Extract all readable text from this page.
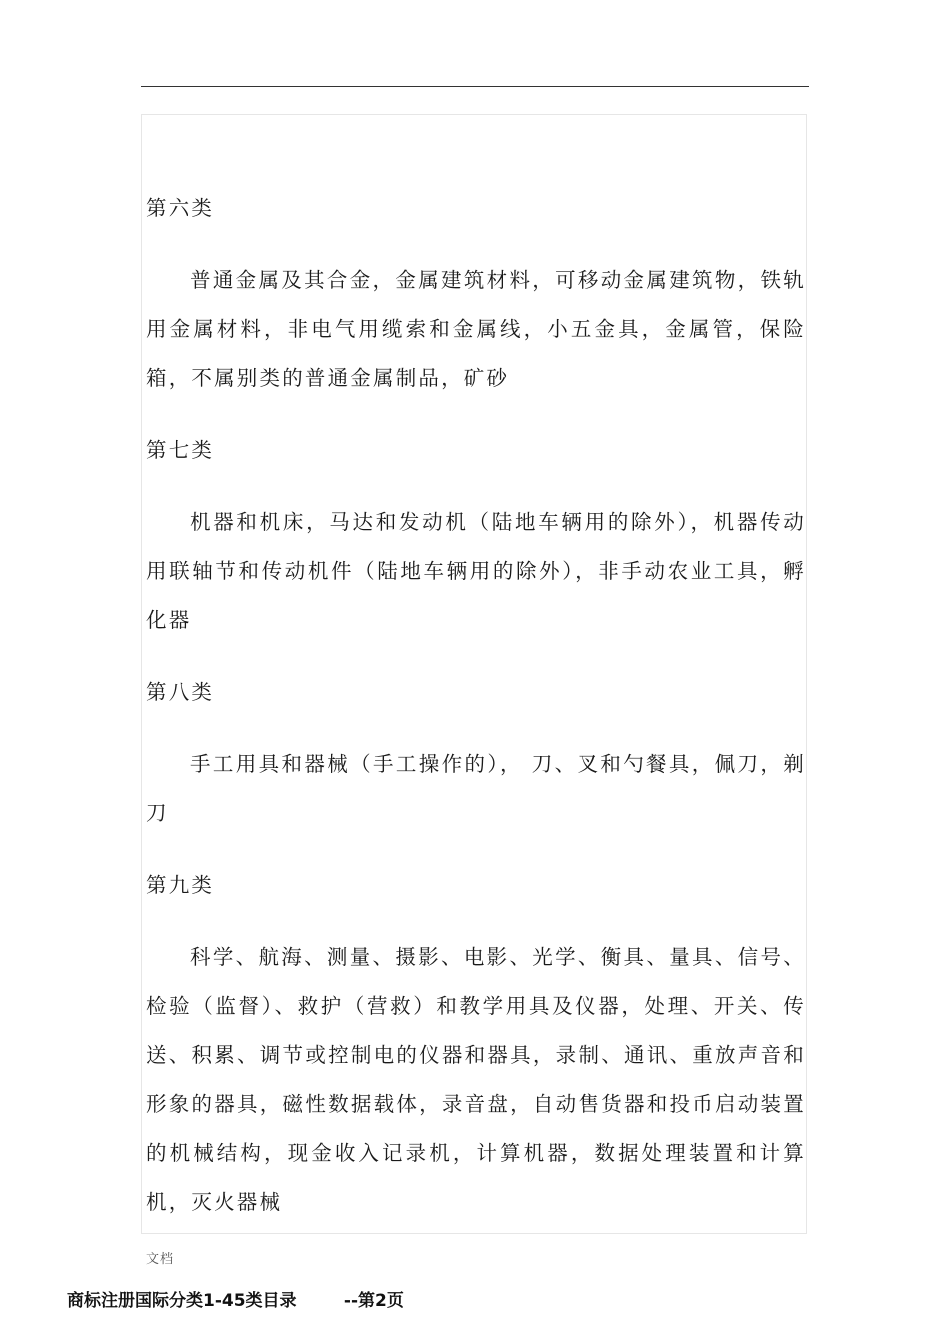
第六类

普通金属及其合金，金属建筑材料，可移动金属建筑物，铁轨用金属材料，非电气用缆索和金属线，小五金具，金属管，保险箱，不属别类的普通金属制品，矿砂

第七类

机器和机床，马达和发动机（陆地车辆用的除外），机器传动用联轴节和传动机件（陆地车辆用的除外），非手动农业工具，孵化器

第八类

手工用具和器械（手工操作的）， 刀、叉和勺餐具，佩刀，剃刀

第九类

科学、航海、测量、摄影、电影、光学、衡具、量具、信号、检验（监督）、救护（营救）和教学用具及仪器，处理、开关、传送、积累、调节或控制电的仪器和器具，录制、通讯、重放声音和形象的器具，磁性数据载体，录音盘，自动售货器和投币启动装置的机械结构，现金收入记录机，计算机器，数据处理装置和计算机，灭火器械

文档
商标注册国际分类1-45类目录	--第2页
